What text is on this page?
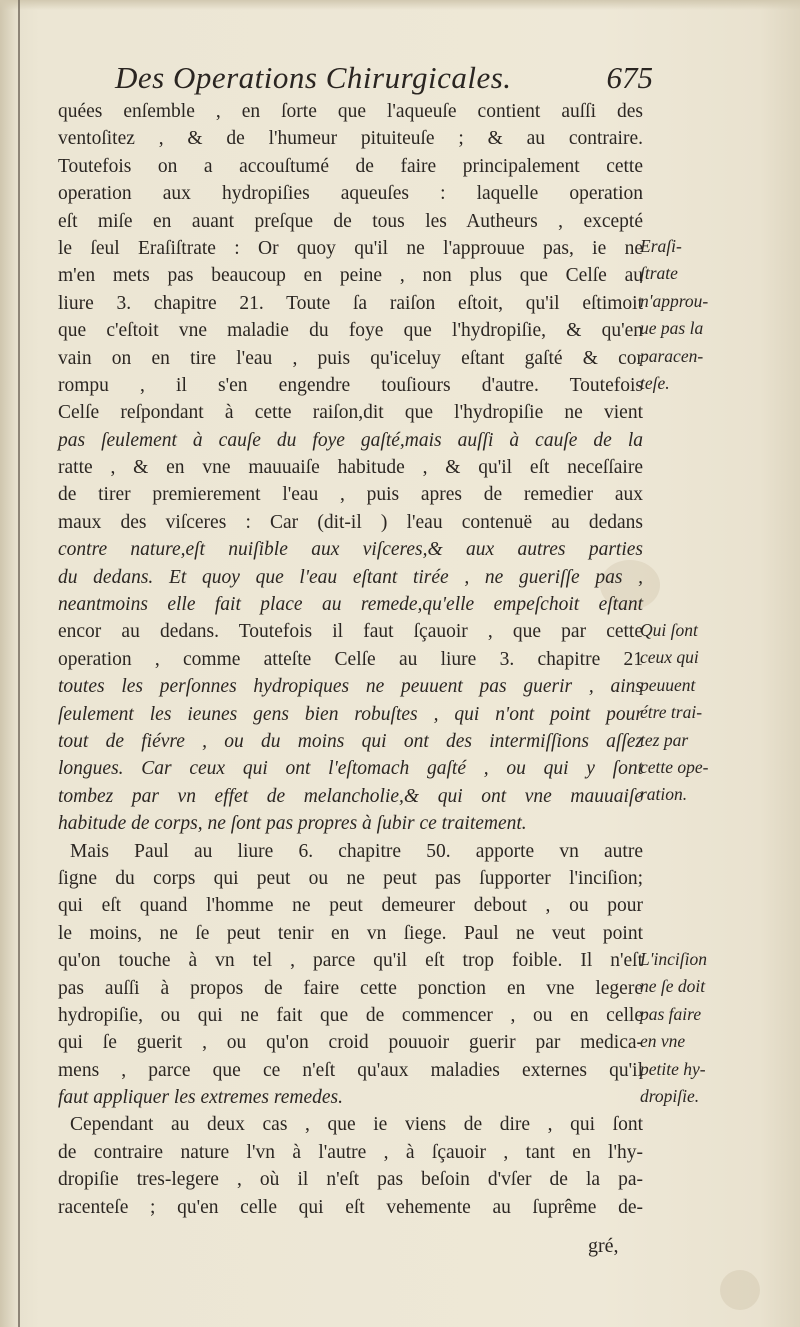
Des Operations Chirurgicales.	675
quées enſemble , en ſorte que l'aqueuſe contient auſſi des
ventoſitez , & de l'humeur pituiteuſe ; & au contraire.
Toutefois on a accouſtumé de faire principalement cette
operation aux hydropiſies aqueuſes : laquelle operation
eſt miſe en auant preſque de tous les Autheurs , excepté
le ſeul Eraſiſtrate : Or quoy qu'il ne l'approuue pas, ie ne
m'en mets pas beaucoup en peine , non plus que Celſe au
liure 3. chapitre 21. Toute ſa raiſon eſtoit, qu'il eſtimoit
que c'eſtoit vne maladie du foye que l'hydropiſie, & qu'en
vain on en tire l'eau , puis qu'iceluy eſtant gaſté & cor
rompu , il s'en engendre touſiours d'autre. Toutefois
Celſe reſpondant à cette raiſon,dit que l'hydropiſie ne vient
pas ſeulement à cauſe du foye gaſté,mais auſſi à cauſe de la
ratte , & en vne mauuaiſe habitude , & qu'il eſt neceſſaire
de tirer premierement l'eau , puis apres de remedier aux
maux des viſceres : Car (dit-il ) l'eau contenuë au dedans
contre nature,eſt nuiſible aux viſceres,& aux autres parties
du dedans. Et quoy que l'eau eſtant tirée , ne gueriſſe pas ,
neantmoins elle fait place au remede,qu'elle empeſchoit eſtant
encor au dedans. Toutefois il faut ſçauoir , que par cette
operation , comme atteſte Celſe au liure 3. chapitre 21
toutes les perſonnes hydropiques ne peuuent pas guerir , ains
ſeulement les ieunes gens bien robuſtes , qui n'ont point pour
tout de fiévre , ou du moins qui ont des intermiſſions aſſez
longues. Car ceux qui ont l'eſtomach gaſté , ou qui y ſont
tombez par vn effet de melancholie,& qui ont vne mauuaiſe
habitude de corps, ne ſont pas propres à ſubir ce traitement.
Mais Paul au liure 6. chapitre 50. apporte vn autre
ſigne du corps qui peut ou ne peut pas ſupporter l'inciſion;
qui eſt quand l'homme ne peut demeurer debout , ou pour
le moins, ne ſe peut tenir en vn ſiege. Paul ne veut point
qu'on touche à vn tel , parce qu'il eſt trop foible. Il n'eſt
pas auſſi à propos de faire cette ponction en vne legere
hydropiſie, ou qui ne fait que de commencer , ou en celle
qui ſe guerit , ou qu'on croid pouuoir guerir par medica-
mens , parce que ce n'eſt qu'aux maladies externes qu'il
faut appliquer les extremes remedes.
Cependant au deux cas , que ie viens de dire , qui ſont
de contraire nature l'vn à l'autre , à ſçauoir , tant en l'hy-
dropiſie tres-legere , où il n'eſt pas beſoin d'vſer de la pa-
racenteſe ; qu'en celle qui eſt vehemente au ſuprême de-
gré,
Eraſi-
ſtrate
n'approu-
ue pas la
paracen-
teſe.
Qui ſont
ceux qui
peuuent
étre trai-
tez par
cette ope-
ration.
L'inciſion
ne ſe doit
pas faire
en vne
petite hy-
dropiſie.
